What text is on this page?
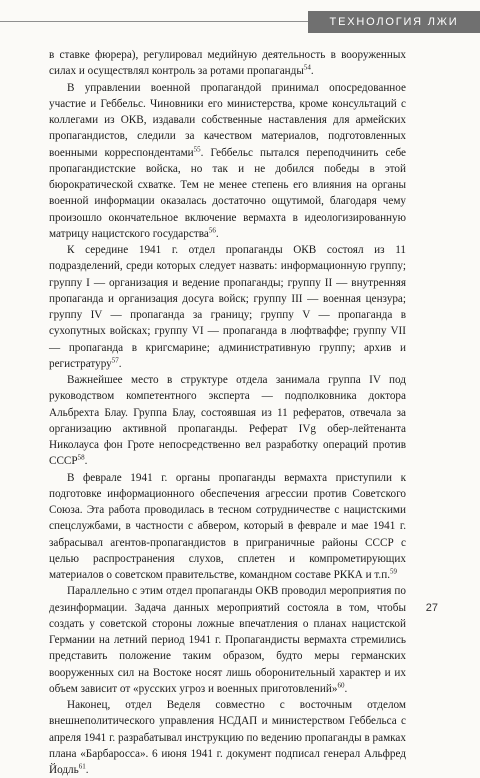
ТЕХНОЛОГИЯ ЛЖИ

в ставке фюрера), регулировал медийную деятельность в вооруженных силах и осуществлял контроль за ротами пропаганды$^{54}$.

В управлении военной пропагандой принимал опосредованное участие и Геббельс. Чиновники его министерства, кроме консультаций с коллегами из ОКВ, издавали собственные наставления для армейских пропагандистов, следили за качеством материалов, подготовленных военными корреспондентами$^{55}$. Геббельс пытался переподчинить себе пропагандистские войска, но так и не добился победы в этой бюрократической схватке. Тем не менее степень его влияния на органы военной информации оказалась достаточно ощутимой, благодаря чему произошло окончательное включение вермахта в идеологизированную матрицу нацистского государства$^{56}$.

К середине 1941 г. отдел пропаганды ОКВ состоял из 11 подразделений, среди которых следует назвать: информационную группу; группу I — организация и ведение пропаганды; группу II — внутренняя пропаганда и организация досуга войск; группу III — военная цензура; группу IV — пропаганда за границу; группу V — пропаганда в сухопутных войсках; группу VI — пропаганда в люфтваффе; группу VII — пропаганда в кригсмарине; административную группу; архив и регистратуру$^{57}$.

Важнейшее место в структуре отдела занимала группа IV под руководством компетентного эксперта — подполковника доктора Альбрехта Блау. Группа Блау, состоявшая из 11 рефератов, отвечала за организацию активной пропаганды. Реферат IVg обер-лейтенанта Николауса фон Гроте непосредственно вел разработку операций против СССР$^{58}$.

В феврале 1941 г. органы пропаганды вермахта приступили к подготовке информационного обеспечения агрессии против Советского Союза. Эта работа проводилась в тесном сотрудничестве с нацистскими спецслужбами, в частности с абвером, который в феврале и мае 1941 г. забрасывал агентов-пропагандистов в приграничные районы СССР с целью распространения слухов, сплетен и компрометирующих материалов о советском правительстве, командном составе РККА и т.п.$^{59}$

Параллельно с этим отдел пропаганды ОКВ проводил мероприятия по дезинформации. Задача данных мероприятий состояла в том, чтобы создать у советской стороны ложные впечатления о планах нацистской Германии на летний период 1941 г. Пропагандисты вермахта стремились представить положение таким образом, будто меры германских вооруженных сил на Востоке носят лишь оборонительный характер и их объем зависит от «русских угроз и военных приготовлений»$^{60}$.

Наконец, отдел Веделя совместно с восточным отделом внешнеполитического управления НСДАП и министерством Геббельса с апреля 1941 г. разрабатывал инструкцию по ведению пропаганды в рамках плана «Барбаросса». 6 июня 1941 г. документ подписал генерал Альфред Йодль$^{61}$.

27
